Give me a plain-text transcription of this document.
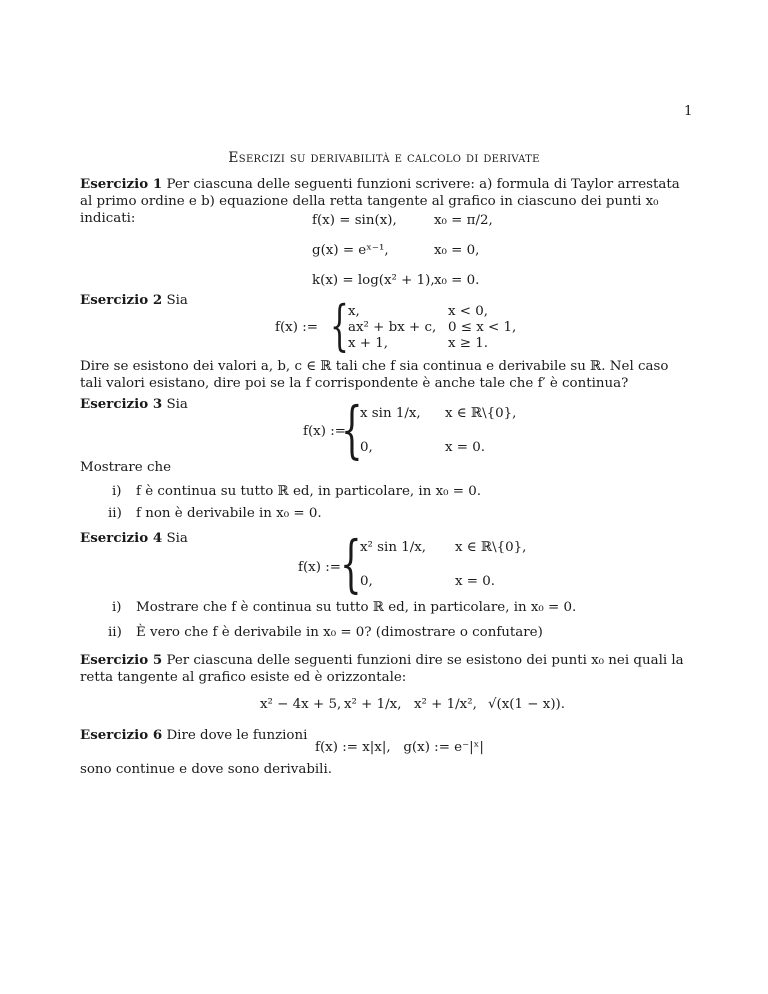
1
Esercizi su derivabilità e calcolo di derivate
Esercizio 1 Per ciascuna delle seguenti funzioni scrivere: a) formula di Taylor arrestata al primo ordine e b) equazione della retta tangente al grafico in ciascuno dei punti x₀ indicati:	f(x) = sin(x),	x₀ = π/2,
g(x) = eˣ⁻¹,	x₀ = 0,
k(x) = log(x² + 1), x₀ = 0.
Esercizio 2 Sia
f(x) := { x,	x < 0,
ax² + bx + c, 0 ≤ x < 1,
x + 1,	x ≥ 1.
Dire se esistono dei valori a, b, c ∈ ℝ tali che f sia continua e derivabile su ℝ. Nel caso tali valori esistano, dire poi se la f corrispondente è anche tale che f′ è continua?
Esercizio 3 Sia
f(x) :=
{
x sin 1/x, x ∈ ℝ\{0},
0,	x = 0.
Mostrare che
i) f è continua su tutto ℝ ed, in particolare, in x₀ = 0.
ii) f non è derivabile in x₀ = 0.
Esercizio 4 Sia
f(x) := {
x² sin 1/x, x ∈ ℝ\{0},
0,	x = 0.
i) Mostrare che f è continua su tutto ℝ ed, in particolare, in x₀ = 0.
ii) È vero che f è derivabile in x₀ = 0? (dimostrare o confutare)
Esercizio 5 Per ciascuna delle seguenti funzioni dire se esistono dei punti x₀ nei quali la retta tangente al grafico esiste ed è orizzontale:
x² − 4x + 5, x² + 1/x, x² + 1/x², √(x(1 − x)).
Esercizio 6 Dire dove le funzioni
f(x) := x|x|,   g(x) := e⁻|ˣ|
sono continue e dove sono derivabili.
